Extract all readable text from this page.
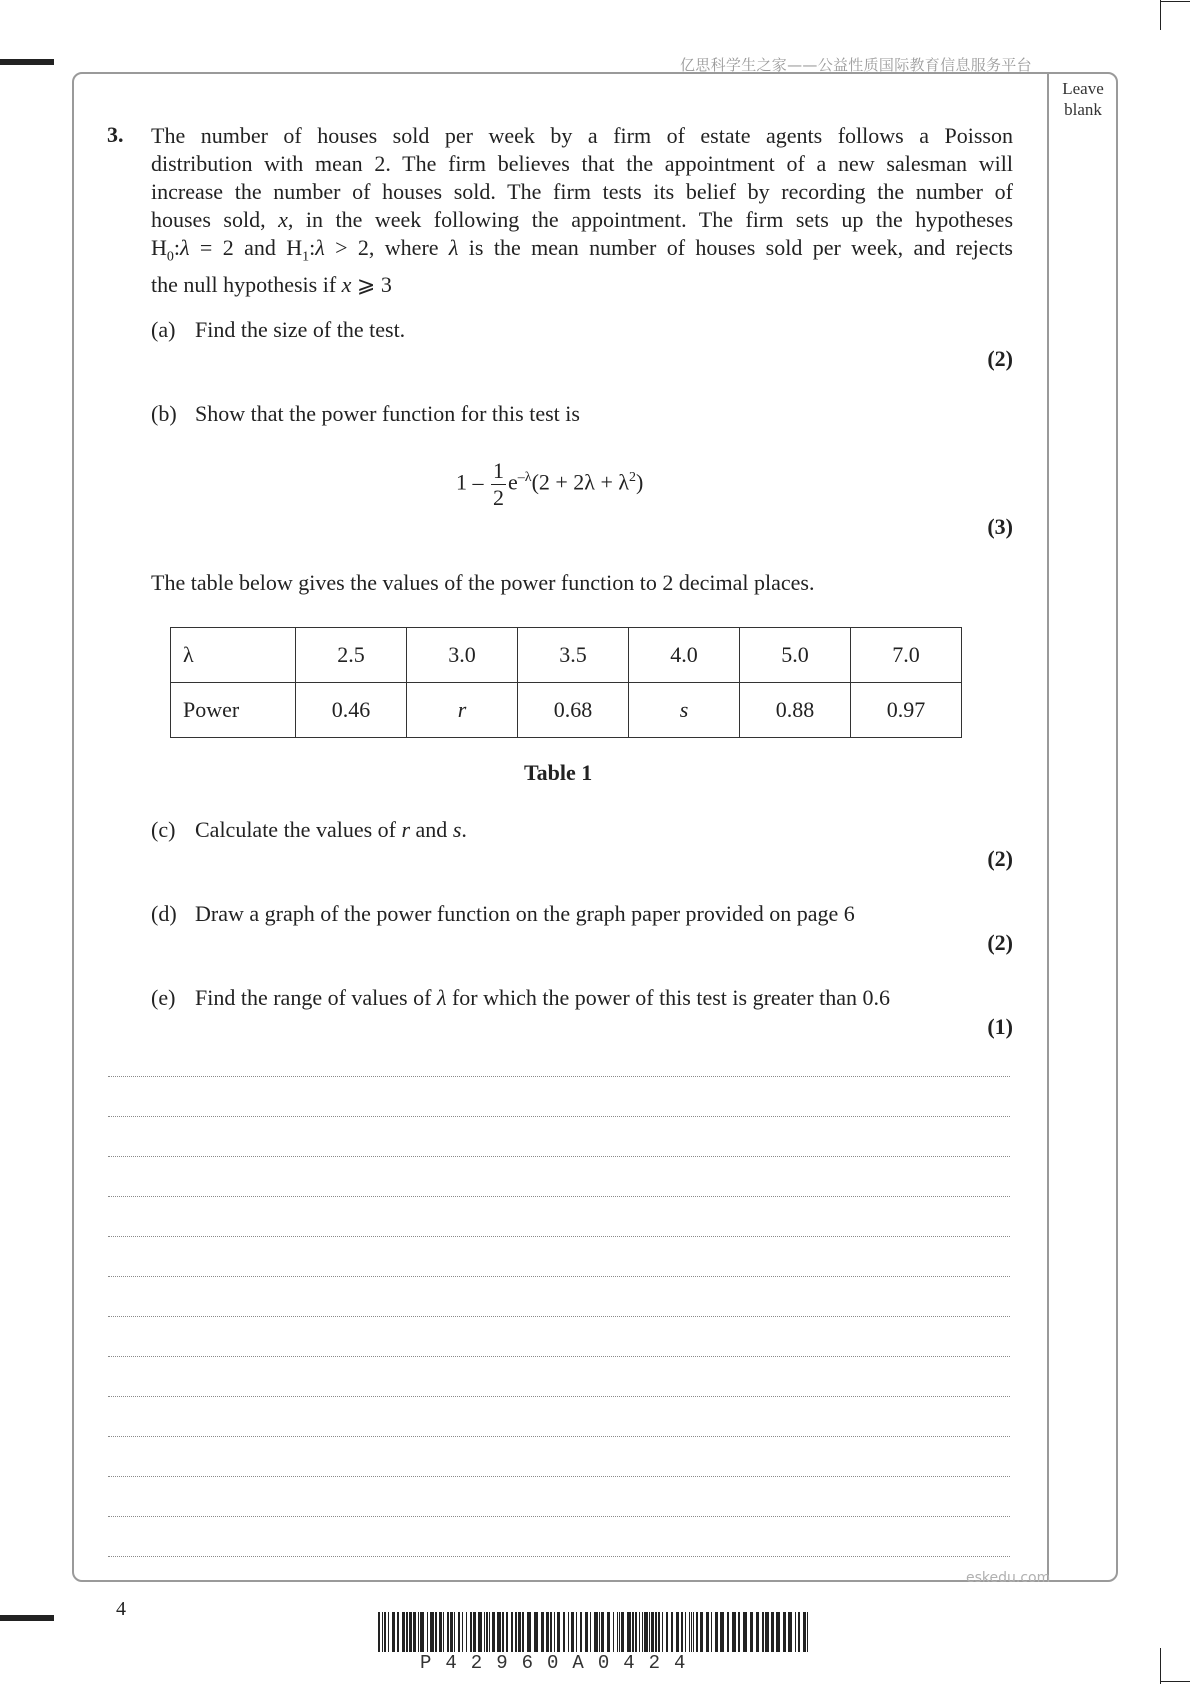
亿思科学生之家——公益性质国际教育信息服务平台
Leave blank
3. The number of houses sold per week by a firm of estate agents follows a Poisson
distribution with mean 2. The firm believes that the appointment of a new salesman will
increase the number of houses sold. The firm tests its belief by recording the number of
houses sold, x, in the week following the appointment. The firm sets up the hypotheses
$H_0:\lambda = 2$ and $H_1:\lambda > 2$, where λ is the mean number of houses sold per week, and rejects
the null hypothesis if x ⩾ 3
(a) Find the size of the test.
(2)
(b) Show that the power function for this test is
$1 - \frac{1}{2} e^{-\lambda}(2 + 2\lambda + \lambda^2)$
(3)
The table below gives the values of the power function to 2 decimal places.
λ	2.5	3.0	3.5	4.0	5.0	7.0
Power	0.46	r	0.68	s	0.88	0.97
Table 1
(c) Calculate the values of r and s.
(2)
(d) Draw a graph of the power function on the graph paper provided on page 6
(2)
(e) Find the range of values of λ for which the power of this test is greater than 0.6
(1)
eskedu.com
4
P42960A0424
